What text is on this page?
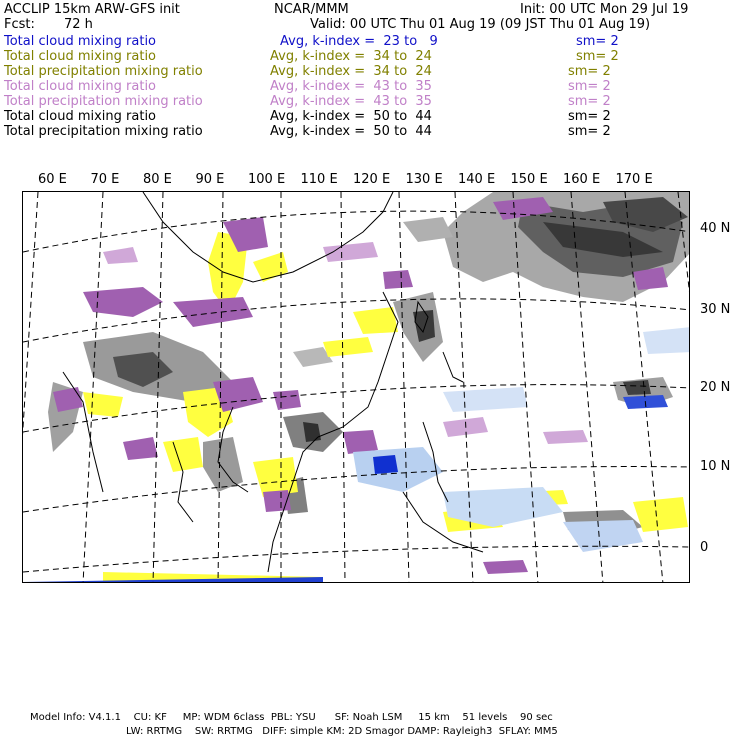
ACCLIP 15km ARW-GFS init	NCAR/MMM	Init: 00 UTC Mon 29 Jul 19
Fcst: 72 h	Valid: 00 UTC Thu 01 Aug 19 (09 JST Thu 01 Aug 19)
Total cloud mixing ratio	Avg, k-index =  23 to   9	sm= 2
Total cloud mixing ratio	Avg, k-index =  34 to  24	sm= 2
Total precipitation mixing ratio	Avg, k-index =  34 to  24	sm= 2
Total cloud mixing ratio	Avg, k-index =  43 to  35	sm= 2
Total precipitation mixing ratio	Avg, k-index =  43 to  35	sm= 2
Total cloud mixing ratio	Avg, k-index =  50 to  44	sm= 2
Total precipitation mixing ratio	Avg, k-index =  50 to  44	sm= 2
60 E 70 E 80 E 90 E 100 E 110 E 120 E 130 E 140 E 150 E 160 E 170 E
40 N
30 N
20 N
10 N
0
Model Info: V4.1.1    CU: KF     MP: WDM 6class  PBL: YSU      SF: Noah LSM     15 km    51 levels    90 sec
LW: RRTMG    SW: RRTMG   DIFF: simple KM: 2D Smagor DAMP: Rayleigh3  SFLAY: MM5
